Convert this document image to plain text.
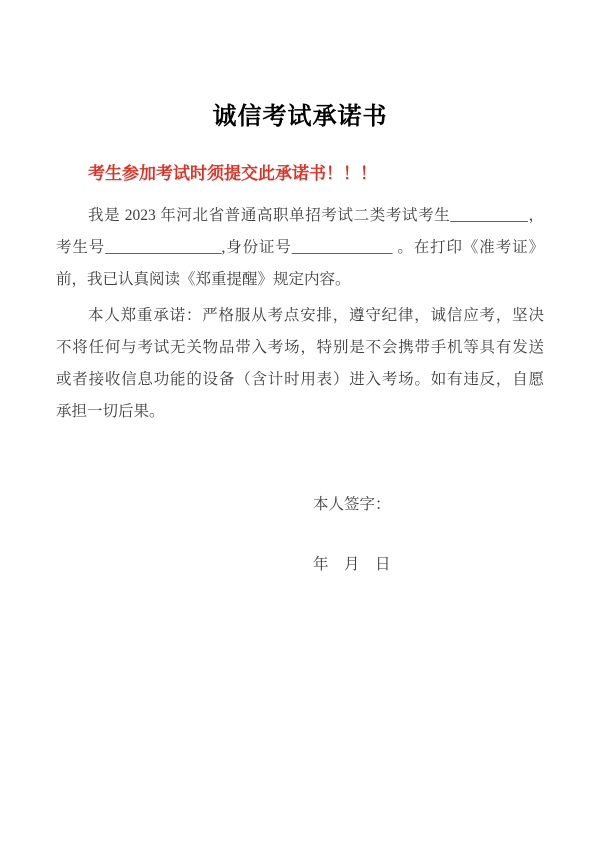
诚信考试承诺书

考生参加考试时须提交此承诺书！！！

我是 2023 年河北省普通高职单招考试二类考试考生__________，
考生号_______________,身份证号_____________ 。在打印《准考证》
前，我已认真阅读《郑重提醒》规定内容。
本人郑重承诺：严格服从考点安排，遵守纪律，诚信应考，坚决
不将任何与考试无关物品带入考场，特别是不会携带手机等具有发送
或者接收信息功能的设备（含计时用表）进入考场。如有违反，自愿
承担一切后果。
本人签字：
年　月　日
